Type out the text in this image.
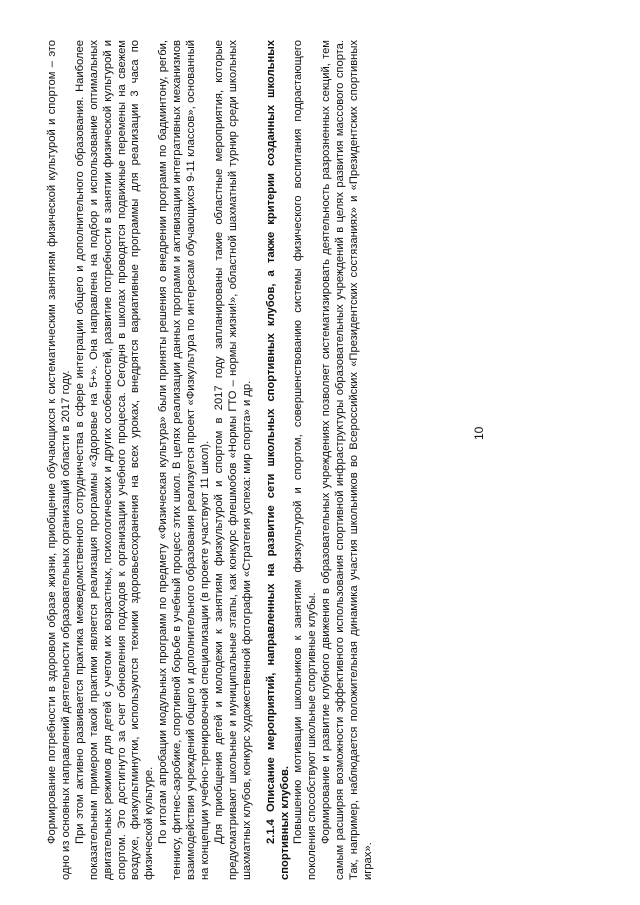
10

Формирование потребности в здоровом образе жизни, приобщение обучающихся к систематическим занятиям физической культурой и спортом – это одно из основных направлений деятельности образовательных организаций области в 2017 году. При этом активно развивается практика межведомственного сотрудничества в сфере интеграции общего и дополнительного образования. Наиболее показательным примером такой практики является реализация программы «Здоровье на 5+». Она направлена на подбор и использование оптимальных двигательных режимов для детей с учетом их возрастных, психологических и других особенностей, развитие потребности в занятии физической культурой и спортом. Это достигнуто за счет обновления подходов к организации учебного процесса. Сегодня в школах проводятся подвижные перемены на свежем воздухе, физкультминутки, используются техники здоровьесохранения на всех уроках, внедрятся вариативные программы для реализации 3 часа по физической культуре. По итогам апробации модульных программ по предмету «Физическая культура» были приняты решения о внедрении программ по бадминтону, регби, теннису, фитнес-аэробике, спортивной борьбе в учебный процесс этих школ. В целях реализации данных программ и активизации интегративных механизмов взаимодействия учреждений общего и дополнительного образования реализуется проект «Физкультура по интересам обучающихся 9-11 классов», основанный на концепции учебно-тренировочной специализации (в проекте участвуют 11 школ). Для приобщения детей и молодежи к занятиям физкультурой и спортом в 2017 году запланированы такие областные мероприятия, которые предусматривают школьные и муниципальные этапы, как конкурс флешмобов «Нормы ГТО – нормы жизни!», областной шахматный турнир среди школьных шахматных клубов, конкурс художественной фотографии «Стратегия успеха: мир спорта» и др. 2.1.4 Описание мероприятий, направленных на развитие сети школьных спортивных клубов, а также критерии созданных школьных спортивных клубов. Повышению мотивации школьников к занятиям физкультурой и спортом, совершенствованию системы физического воспитания подрастающего поколения способствуют школьные спортивные клубы. Формирование и развитие клубного движения в образовательных учреждениях позволяет систематизировать деятельность разрозненных секций, тем самым расширяя возможности эффективного использования спортивной инфраструктуры образовательных учреждений в целях развития массового спорта. Так, например, наблюдается положительная динамика участия школьников во Всероссийских «Президентских состязаниях» и «Президентских спортивных играх».
